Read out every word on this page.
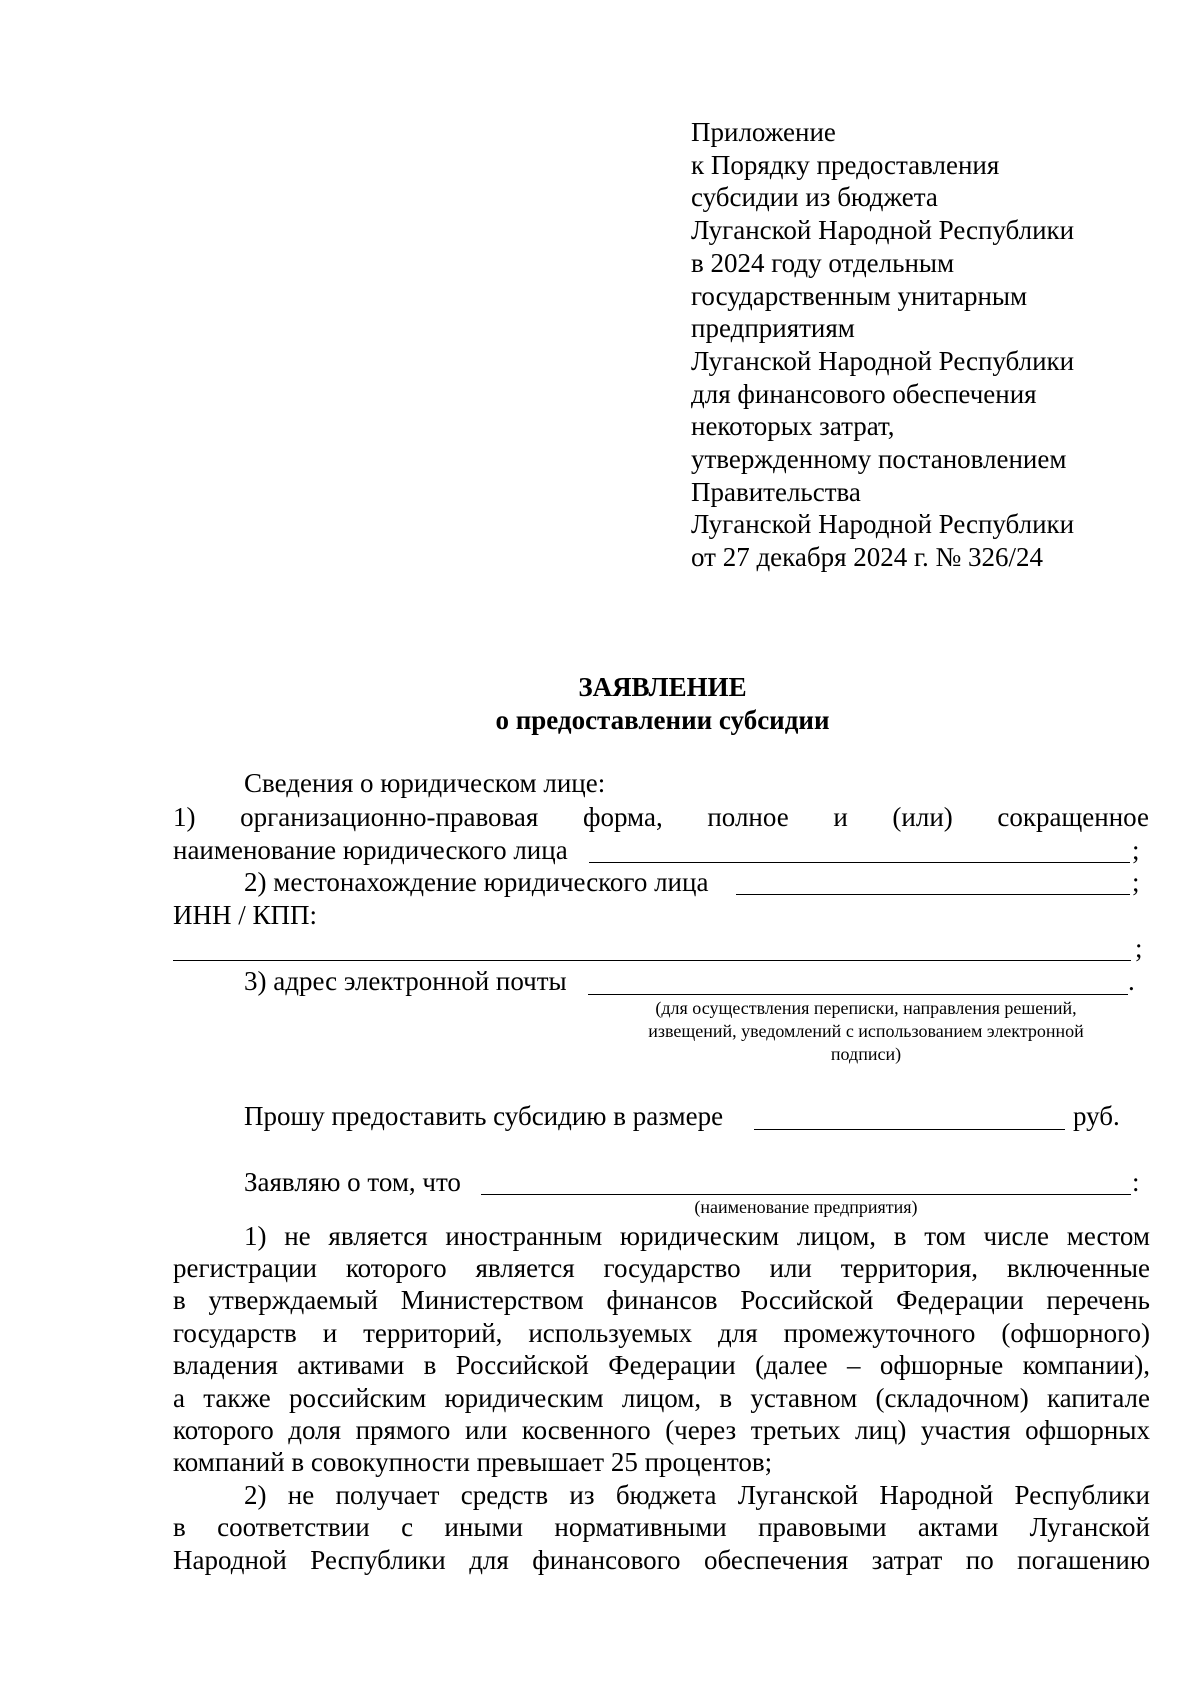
Приложение
к Порядку предоставления
субсидии из бюджета
Луганской Народной Республики
в 2024 году отдельным
государственным унитарным
предприятиям
Луганской Народной Республики
для финансового обеспечения
некоторых затрат,
утвержденному постановлением
Правительства
Луганской Народной Республики
от 27 декабря 2024 г. № 326/24
ЗАЯВЛЕНИЕ
о предоставлении субсидии
Сведения о юридическом лице:
1) организационно-правовая форма, полное и (или) сокращенное
наименование юридического лица	;
2) местонахождение юридического лица	;
ИНН / КПП:
;
3) адрес электронной почты	.
(для осуществления переписки, направления решений,
извещений, уведомлений с использованием электронной
подписи)
Прошу предоставить субсидию в размере	руб.
Заявляю о том, что	:
(наименование предприятия)
1) не является иностранным юридическим лицом, в том числе местом
регистрации которого является государство или территория, включенные
в утверждаемый Министерством финансов Российской Федерации перечень
государств и территорий, используемых для промежуточного (офшорного)
владения активами в Российской Федерации (далее – офшорные компании),
а также российским юридическим лицом, в уставном (складочном) капитале
которого доля прямого или косвенного (через третьих лиц) участия офшорных
компаний в совокупности превышает 25 процентов;
2) не получает средств из бюджета Луганской Народной Республики
в соответствии с иными нормативными правовыми актами Луганской
Народной Республики для финансового обеспечения затрат по погашению
